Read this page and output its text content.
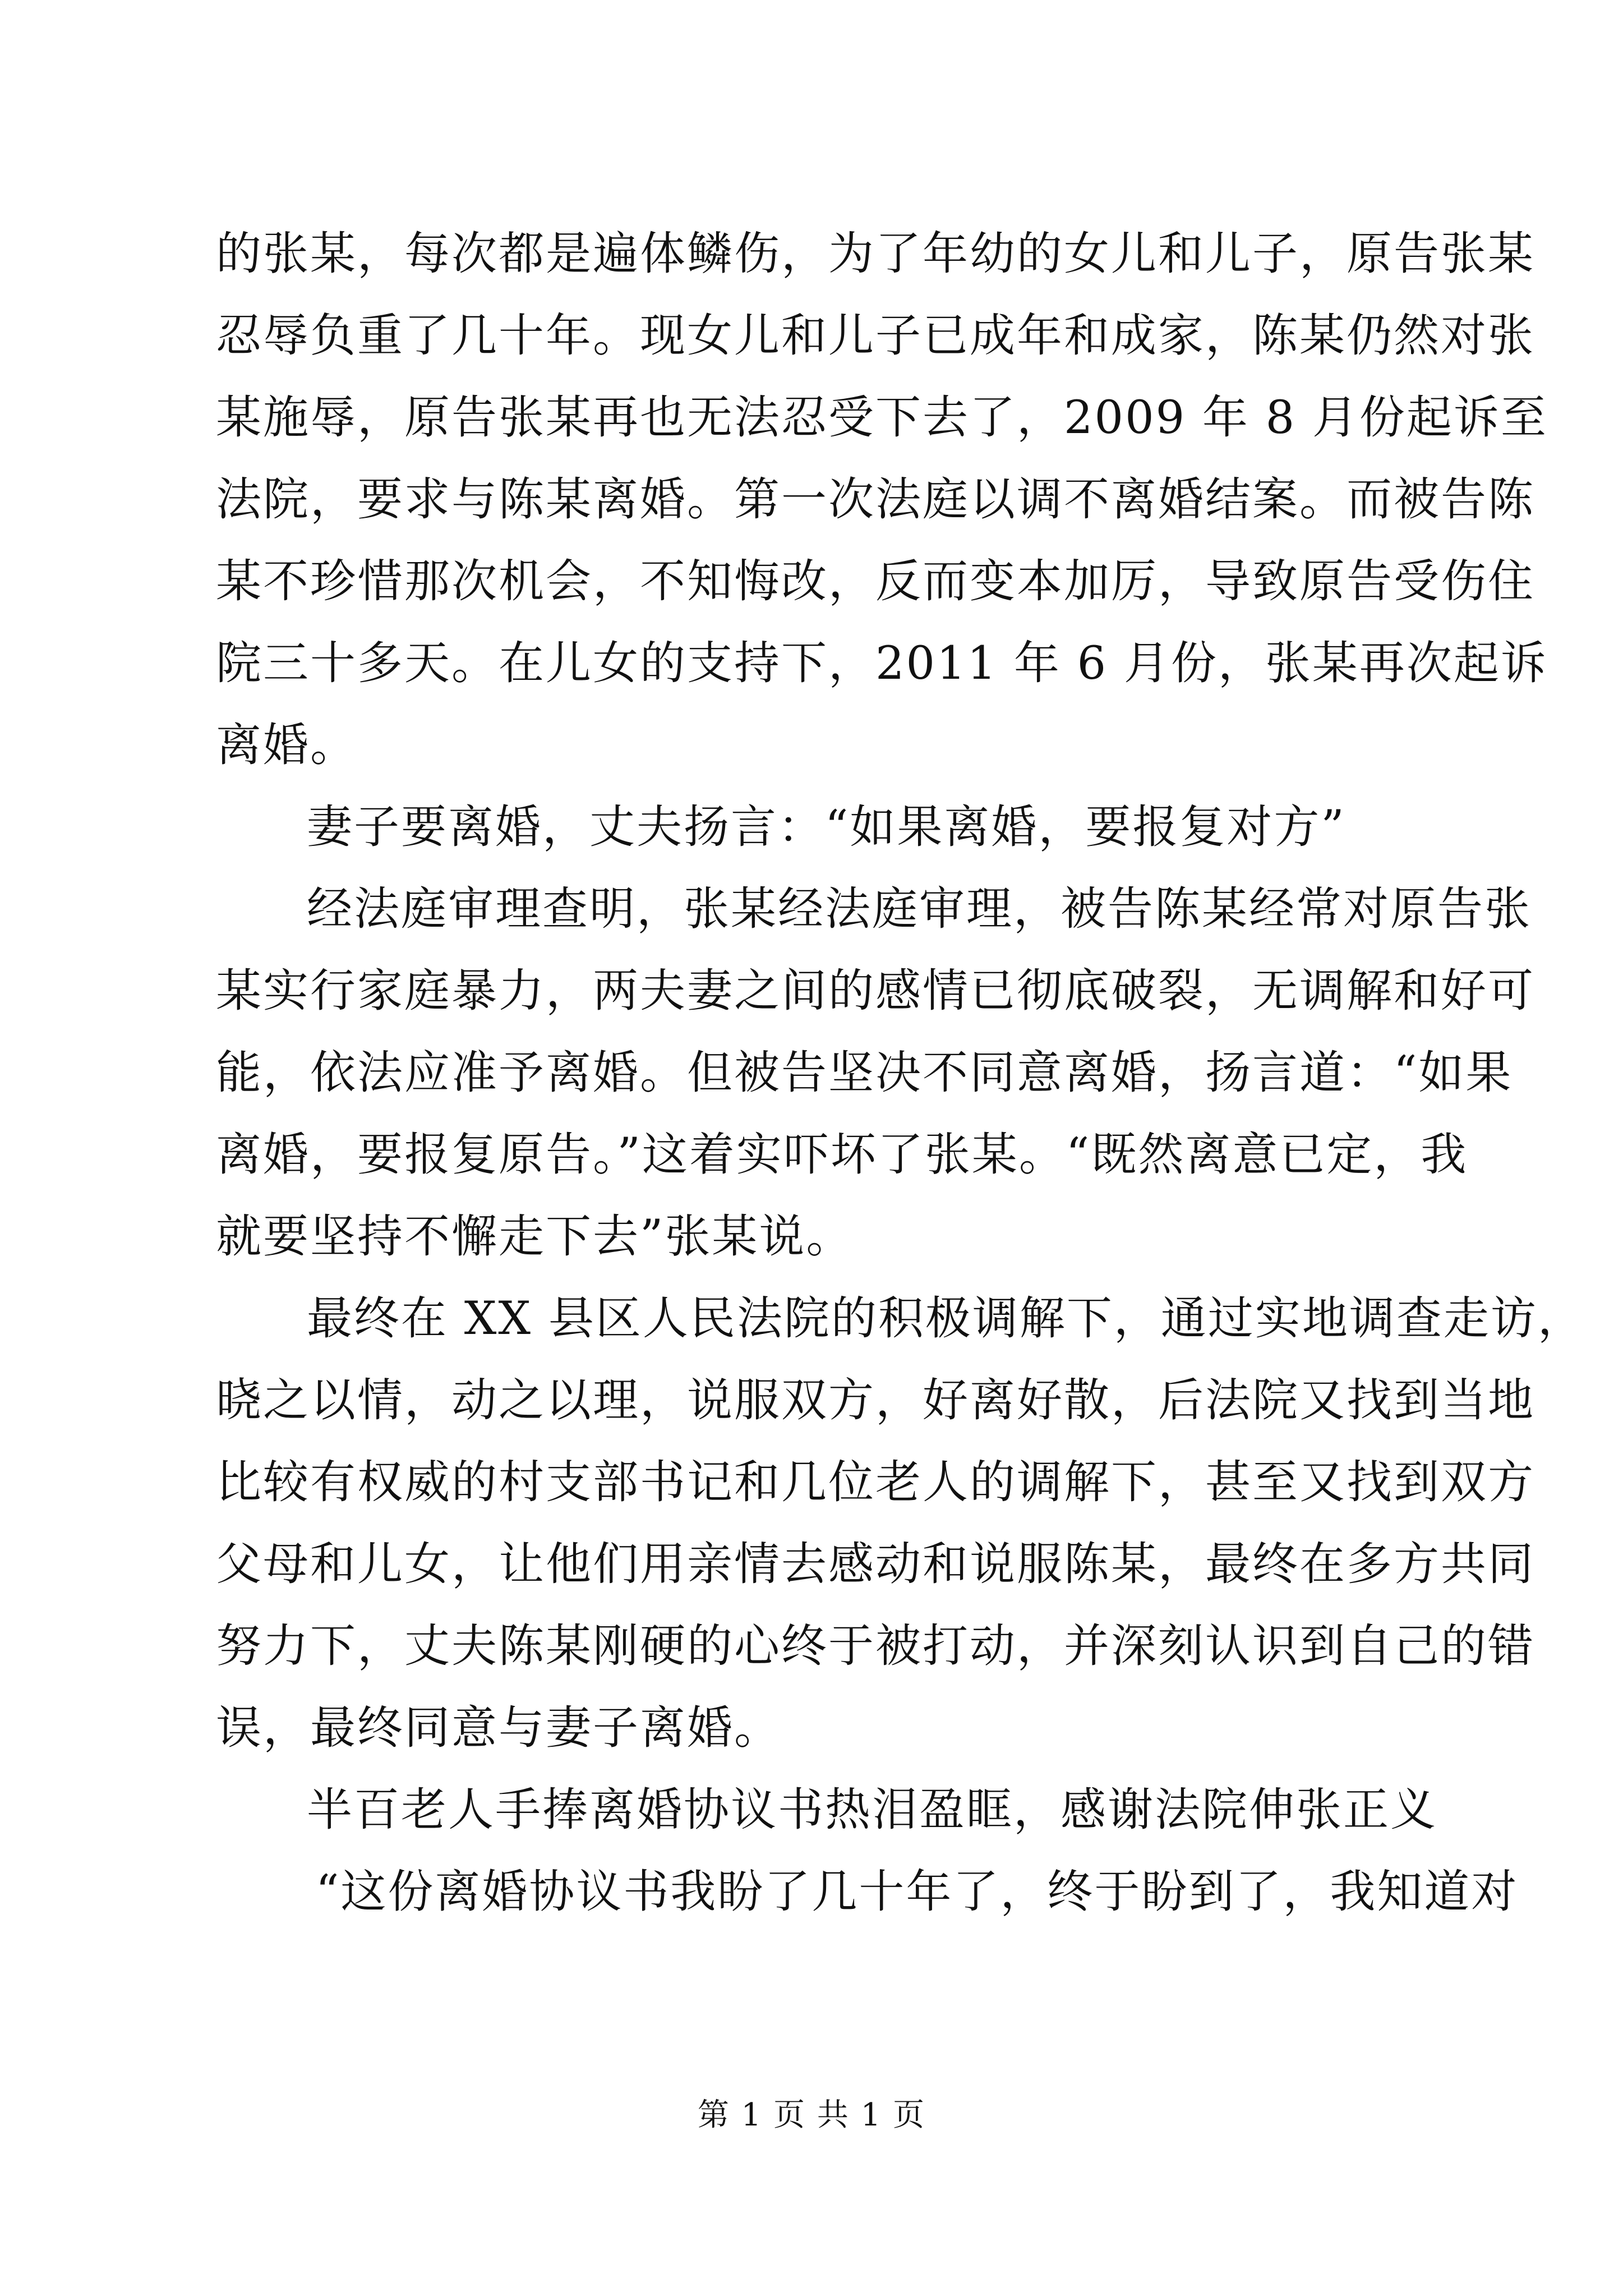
的张某，每次都是遍体鳞伤，为了年幼的女儿和儿子，原告张某
忍辱负重了几十年。现女儿和儿子已成年和成家，陈某仍然对张
某施辱，原告张某再也无法忍受下去了，2009 年 8 月份起诉至
法院，要求与陈某离婚。第一次法庭以调不离婚结案。而被告陈
某不珍惜那次机会，不知悔改，反而变本加厉，导致原告受伤住
院三十多天。在儿女的支持下，2011 年 6 月份，张某再次起诉
离婚。
妻子要离婚，丈夫扬言：“如果离婚，要报复对方”
经法庭审理查明，张某经法庭审理，被告陈某经常对原告张
某实行家庭暴力，两夫妻之间的感情已彻底破裂，无调解和好可
能，依法应准予离婚。但被告坚决不同意离婚，扬言道：“如果
离婚，要报复原告。”这着实吓坏了张某。“既然离意已定，我
就要坚持不懈走下去”张某说。
最终在 XX 县区人民法院的积极调解下，通过实地调查走访，
晓之以情，动之以理，说服双方，好离好散，后法院又找到当地
比较有权威的村支部书记和几位老人的调解下，甚至又找到双方
父母和儿女，让他们用亲情去感动和说服陈某，最终在多方共同
努力下，丈夫陈某刚硬的心终于被打动，并深刻认识到自己的错
误，最终同意与妻子离婚。
半百老人手捧离婚协议书热泪盈眶，感谢法院伸张正义
“这份离婚协议书我盼了几十年了，终于盼到了，我知道对
第 1 页 共 1 页
